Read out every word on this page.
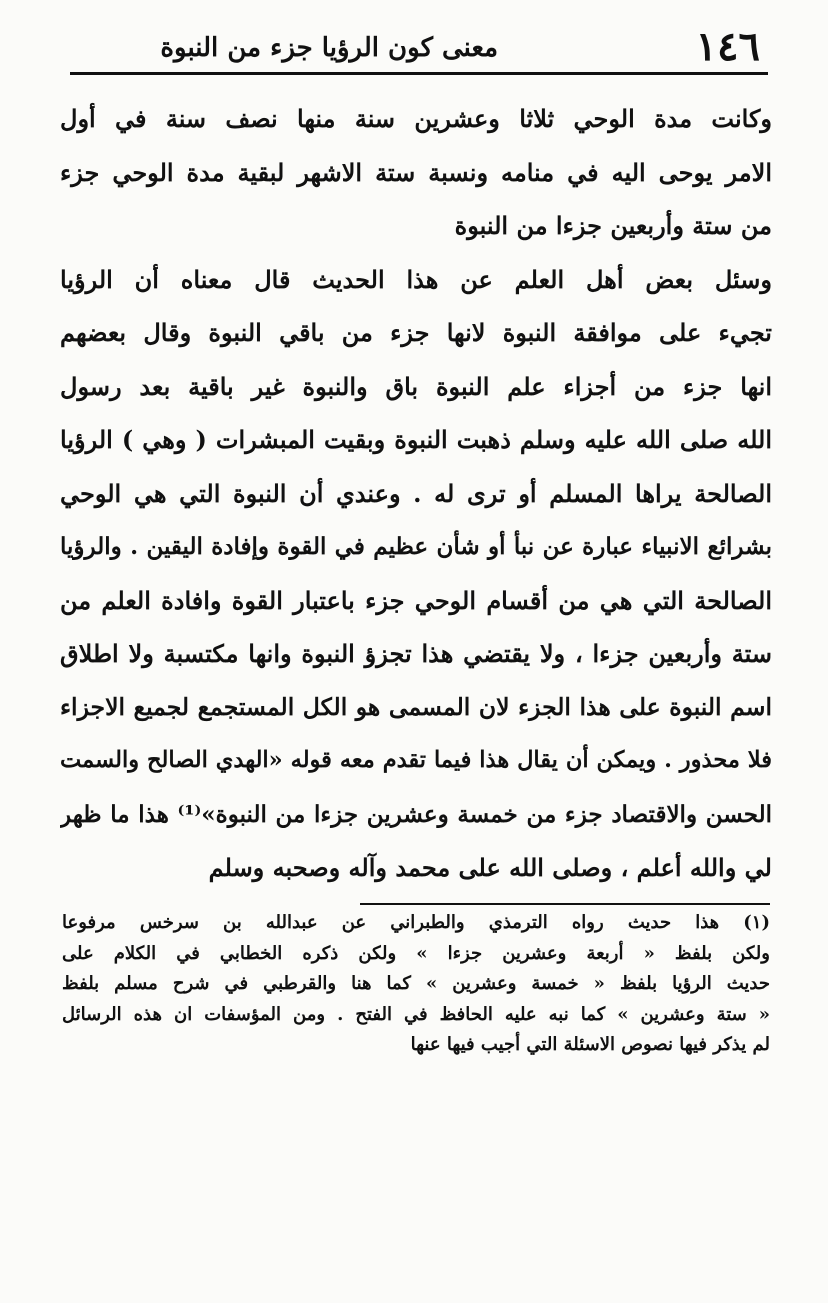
١٤٦
معنى كون الرؤيا جزء من النبوة
وكانت مدة الوحي ثلاثا وعشرين سنة منها نصف سنة في أول
الامر يوحى اليه في منامه ونسبة ستة الاشهر لبقية مدة الوحي جزء
من ستة وأربعين جزءا من النبوة
وسئل بعض أهل العلم عن هذا الحديث قال معناه أن الرؤيا
تجيء على موافقة النبوة لانها جزء من باقي النبوة وقال بعضهم
انها جزء من أجزاء علم النبوة باق والنبوة غير باقية بعد رسول
الله صلى الله عليه وسلم ذهبت النبوة وبقيت المبشرات ( وهي ) الرؤيا
الصالحة يراها المسلم أو ترى له . وعندي أن النبوة التي هي الوحي
بشرائع الانبياء عبارة عن نبأ أو شأن عظيم في القوة وإفادة اليقين . والرؤيا
الصالحة التي هي من أقسام الوحي جزء باعتبار القوة وافادة العلم من
ستة وأربعين جزءا ، ولا يقتضي هذا تجزؤ النبوة وانها مكتسبة ولا اطلاق
اسم النبوة على هذا الجزء لان المسمى هو الكل المستجمع لجميع الاجزاء
فلا محذور . ويمكن أن يقال هذا فيما تقدم معه قوله «الهدي الصالح والسمت
الحسن والاقتصاد جزء من خمسة وعشرين جزءا من النبوة»⁽¹⁾ هذا ما ظهر
لي والله أعلم ، وصلى الله على محمد وآله وصحبه وسلم
(١) هذا حديث رواه الترمذي والطبراني عن عبدالله بن سرخس مرفوعا
ولكن بلفظ « أربعة وعشرين جزءا » ولكن ذكره الخطابي في الكلام على
حديث الرؤيا بلفظ « خمسة وعشرين » كما هنا والقرطبي في شرح مسلم بلفظ
« ستة وعشرين » كما نبه عليه الحافظ في الفتح . ومن المؤسفات ان هذه الرسائل
لم يذكر فيها نصوص الاسئلة التي أجيب فيها عنها
